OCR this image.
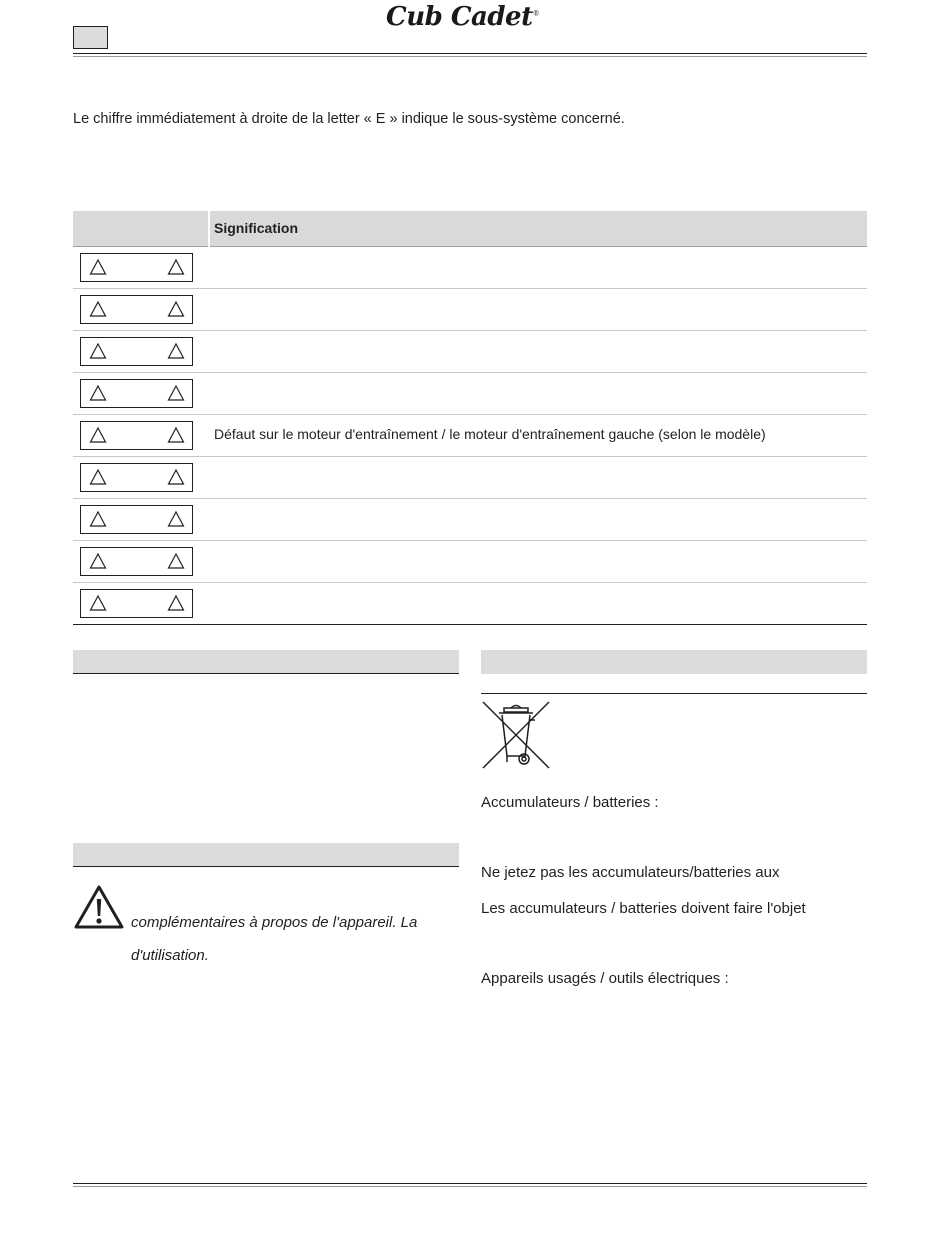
Cub Cadet®
Le chiffre immédiatement à droite de la letter « E » indique le sous-système concerné.
Signification
Défaut sur le moteur d'entraînement / le moteur d'entraînement gauche (selon le modèle)
complémentaires à propos de l'appareil. La
d'utilisation.
Accumulateurs / batteries :
Ne jetez pas les accumulateurs/batteries aux
Les accumulateurs / batteries doivent faire l'objet
Appareils usagés / outils électriques :
